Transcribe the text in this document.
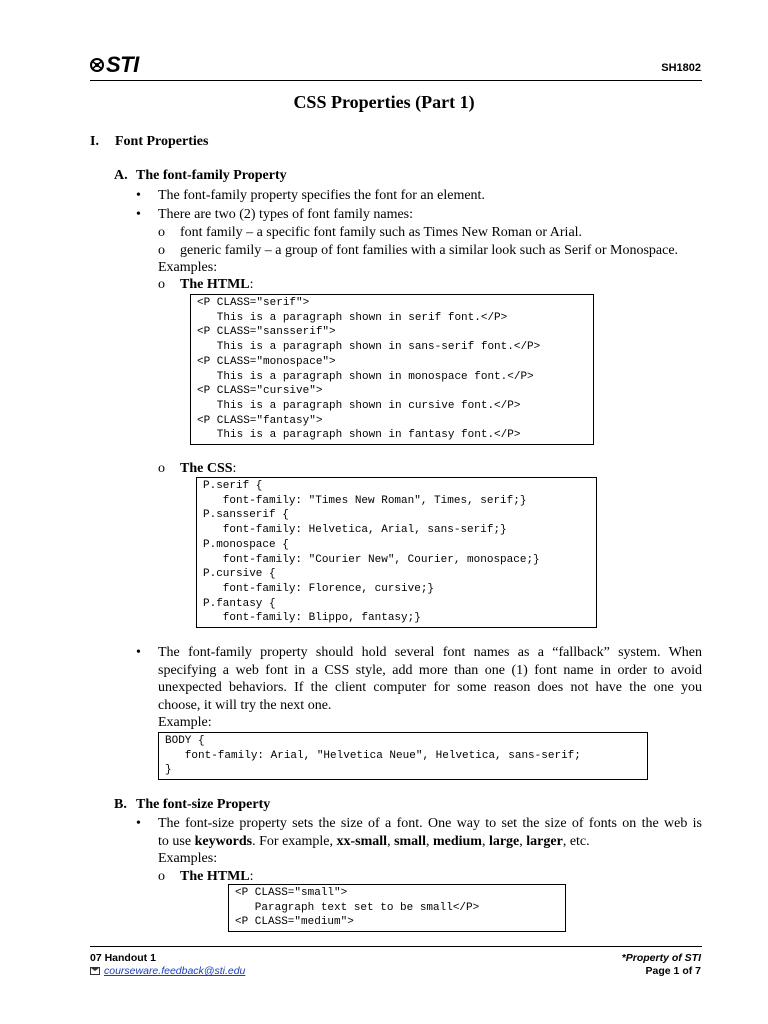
STI	SH1802
CSS Properties (Part 1)
I. Font Properties
A. The font-family Property
• The font-family property specifies the font for an element.
• There are two (2) types of font family names:
o font family – a specific font family such as Times New Roman or Arial.
o generic family – a group of font families with a similar look such as Serif or Monospace.
Examples:
o The HTML:
<P CLASS="serif">
This is a paragraph shown in serif font.</P>
<P CLASS="sansserif">
This is a paragraph shown in sans-serif font.</P>
<P CLASS="monospace">
This is a paragraph shown in monospace font.</P>
<P CLASS="cursive">
This is a paragraph shown in cursive font.</P>
<P CLASS="fantasy">
This is a paragraph shown in fantasy font.</P>
o The CSS:
P.serif {
font-family: "Times New Roman", Times, serif;}
P.sansserif {
font-family: Helvetica, Arial, sans-serif;}
P.monospace {
font-family: "Courier New", Courier, monospace;}
P.cursive {
font-family: Florence, cursive;}
P.fantasy {
font-family: Blippo, fantasy;}
• The font-family property should hold several font names as a “fallback” system. When
specifying a web font in a CSS style, add more than one (1) font name in order to avoid
unexpected behaviors. If the client computer for some reason does not have the one you
choose, it will try the next one.
Example:
BODY {
font-family: Arial, "Helvetica Neue", Helvetica, sans-serif;
}
B. The font-size Property
• The font-size property sets the size of a font. One way to set the size of fonts on the web is
to use keywords. For example, xx-small, small, medium, large, larger, etc.
Examples:
o The HTML:
<P CLASS="small">
Paragraph text set to be small</P>
<P CLASS="medium">
07 Handout 1
courseware.feedback@sti.edu
*Property of STI
Page 1 of 7
